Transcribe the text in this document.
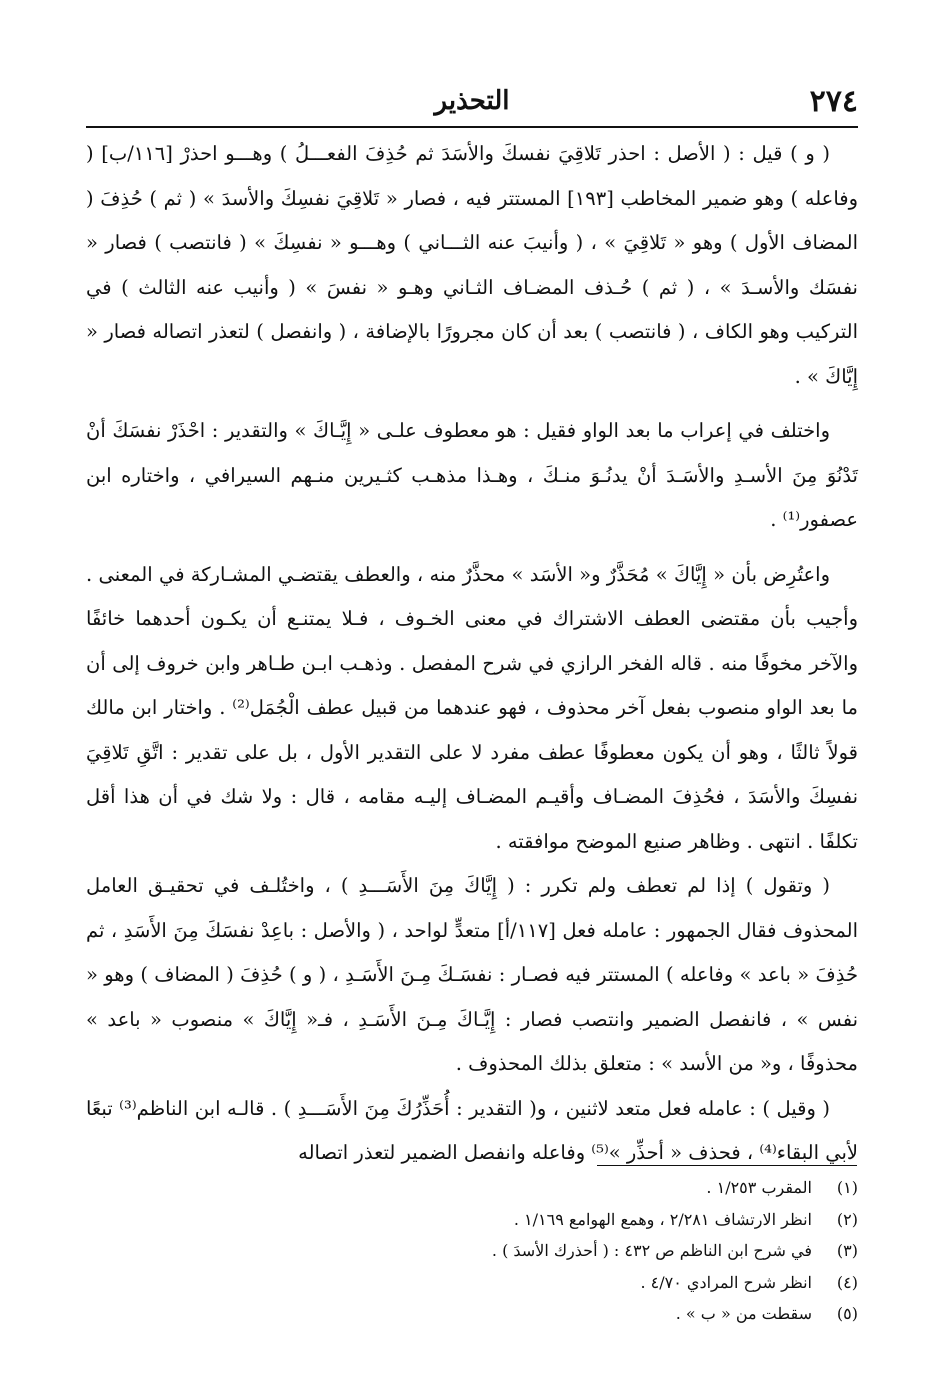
٢٧٤
التحذير

( و ) قيل : ( الأصل : احذر تَلاقِيَ نفسكَ والأسَدَ ثم حُذِفَ الفعـــلُ ) وهـــو احذرْ [١١٦/ب] ( وفاعله ) وهو ضمير المخاطب [١٩٣] المستتر فيه ، فصار « تَلاقِيَ نفسِكَ والأسدَ » ( ثم ) حُذِفَ ( المضاف الأول ) وهو « تَلاقِيَ » ، ( وأنيبَ عنه الثـــاني ) وهـــو « نفسِكَ » ( فانتصب ) فصار « نفسَك والأسـدَ » ، ( ثم ) حُـذف المضـاف الثـاني وهـو « نفسَ » ( وأنيب عنه الثالث ) في التركيب وهو الكاف ، ( فانتصب ) بعد أن كان مجرورًا بالإضافة ، ( وانفصل ) لتعذر اتصاله فصار « إِيَّاكَ » .

واختلف في إعراب ما بعد الواو فقيل : هو معطوف علـى « إِيَّـاكَ » والتقدير : احْذَرْ نفسَكَ أنْ تَدْنُوَ مِنَ الأسـدِ والأسَـدَ أنْ يدنُـوَ منـكَ ، وهـذا مذهـب كثـيرين منـهم السيرافي ، واختاره ابن عصفور⁽¹⁾ .

واعتُرِض بأن « إِيَّاكَ » مُحَذَّرٌ و« الأسَد » محذَّرٌ منه ، والعطف يقتضـي المشـاركة في المعنى . وأجيب بأن مقتضى العطف الاشتراك في معنى الخـوف ، فـلا يمتنـع أن يكـون أحدهما خائفًا والآخر مخوفًا منه . قاله الفخر الرازي في شرح المفصل . وذهـب ابـن طـاهر وابن خروف إلى أن ما بعد الواو منصوب بفعل آخر محذوف ، فهو عندهما من قبيل عطف الْجُمَل⁽²⁾ . واختار ابن مالك قولاً ثالثًا ، وهو أن يكون معطوفًا عطف مفرد لا على التقدير الأول ، بل على تقدير : اتَّقِ تَلاقِيَ نفسِكَ والأسَدَ ، فحُذِفَ المضـاف وأقيـم المضـاف إليـه مقامه ، قال : ولا شك في أن هذا أقل تكلفًا . انتهى . وظاهر صنيع الموضح موافقته .

( وتقول ) إذا لم تعطف ولم تكرر : ( إِيَّاكَ مِنَ الأَسَـــدِ ) ، واختُلـف في تحقيـق العامل المحذوف فقال الجمهور : عامله فعل [١١٧/أ] متعدٍّ لواحد ، ( والأصل : باعِدْ نفسَكَ مِنَ الأَسَدِ ، ثم حُذِفَ « باعد » وفاعله ) المستتر فيه فصـار : نفسَـكَ مِـنَ الأَسَـدِ ، ( و ) حُذِفَ ( المضاف ) وهو « نفس » ، فانفصل الضمير وانتصب فصار : إِيَّـاكَ مِـنَ الأَسَـدِ ، فـ« إِيَّاكَ » منصوب « باعد » محذوفًا ، و« من الأسد » : متعلق بذلك المحذوف .

( وقيل ) : عامله فعل متعد لاثنين ، و( التقدير : أُحَذِّرُكَ مِنَ الأَسَـــدِ ) . قالـه ابن الناظم⁽³⁾ تبعًا لأبي البقاء⁽⁴⁾ ، فحذف « أحذِّر »⁽⁵⁾ وفاعله وانفصل الضمير لتعذر اتصاله

(١)
المقرب ١/٢٥٣ .
(٢)
انظر الارتشاف ٢/٢٨١ ، وهمع الهوامع ١/١٦٩ .
(٣)
في شرح ابن الناظم ص ٤٣٢ : ( أحذرك الأسدَ ) .
(٤)
انظر شرح المرادي ٤/٧٠ .
(٥)
سقطت من « ب » .
